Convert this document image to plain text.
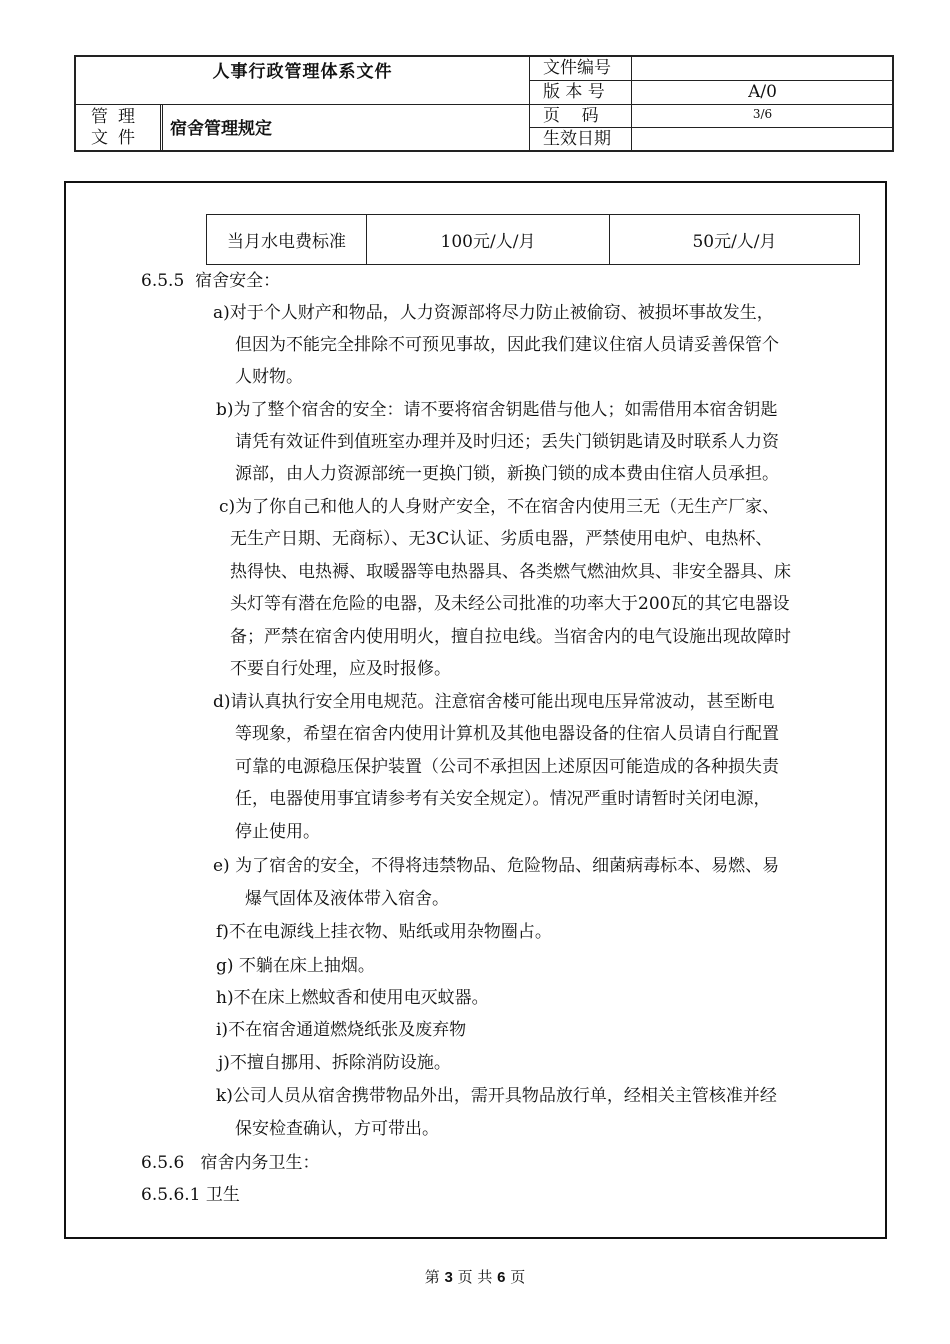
人事行政管理体系文件
管理
文件	宿舍管理规定
文件编号
版 本 号	A/0
页    码	3/6
生效日期
当月水电费标准	100元/人/月	50元/人/月
6.5.5  宿舍安全：
a)对于个人财产和物品，人力资源部将尽力防止被偷窃、被损坏事故发生，
但因为不能完全排除不可预见事故，因此我们建议住宿人员请妥善保管个
人财物。
b)为了整个宿舍的安全：请不要将宿舍钥匙借与他人；如需借用本宿舍钥匙
请凭有效证件到值班室办理并及时归还；丢失门锁钥匙请及时联系人力资
源部，由人力资源部统一更换门锁，新换门锁的成本费由住宿人员承担。
c)为了你自己和他人的人身财产安全，不在宿舍内使用三无（无生产厂家、
无生产日期、无商标）、无3C认证、劣质电器，严禁使用电炉、电热杯、
热得快、电热褥、取暖器等电热器具、各类燃气燃油炊具、非安全器具、床
头灯等有潜在危险的电器，及未经公司批准的功率大于200瓦的其它电器设
备；严禁在宿舍内使用明火，擅自拉电线。当宿舍内的电气设施出现故障时
不要自行处理，应及时报修。
d)请认真执行安全用电规范。注意宿舍楼可能出现电压异常波动，甚至断电
等现象，希望在宿舍内使用计算机及其他电器设备的住宿人员请自行配置
可靠的电源稳压保护装置（公司不承担因上述原因可能造成的各种损失责
任，电器使用事宜请参考有关安全规定）。情况严重时请暂时关闭电源，
停止使用。
e) 为了宿舍的安全，不得将违禁物品、危险物品、细菌病毒标本、易燃、易
爆气固体及液体带入宿舍。
f)不在电源线上挂衣物、贴纸或用杂物圈占。
g) 不躺在床上抽烟。
h)不在床上燃蚊香和使用电灭蚊器。
i)不在宿舍通道燃烧纸张及废弃物
j)不擅自挪用、拆除消防设施。
k)公司人员从宿舍携带物品外出，需开具物品放行单，经相关主管核准并经
保安检查确认，方可带出。
6.5.6   宿舍内务卫生：
6.5.6.1 卫生
第 3 页 共 6 页
